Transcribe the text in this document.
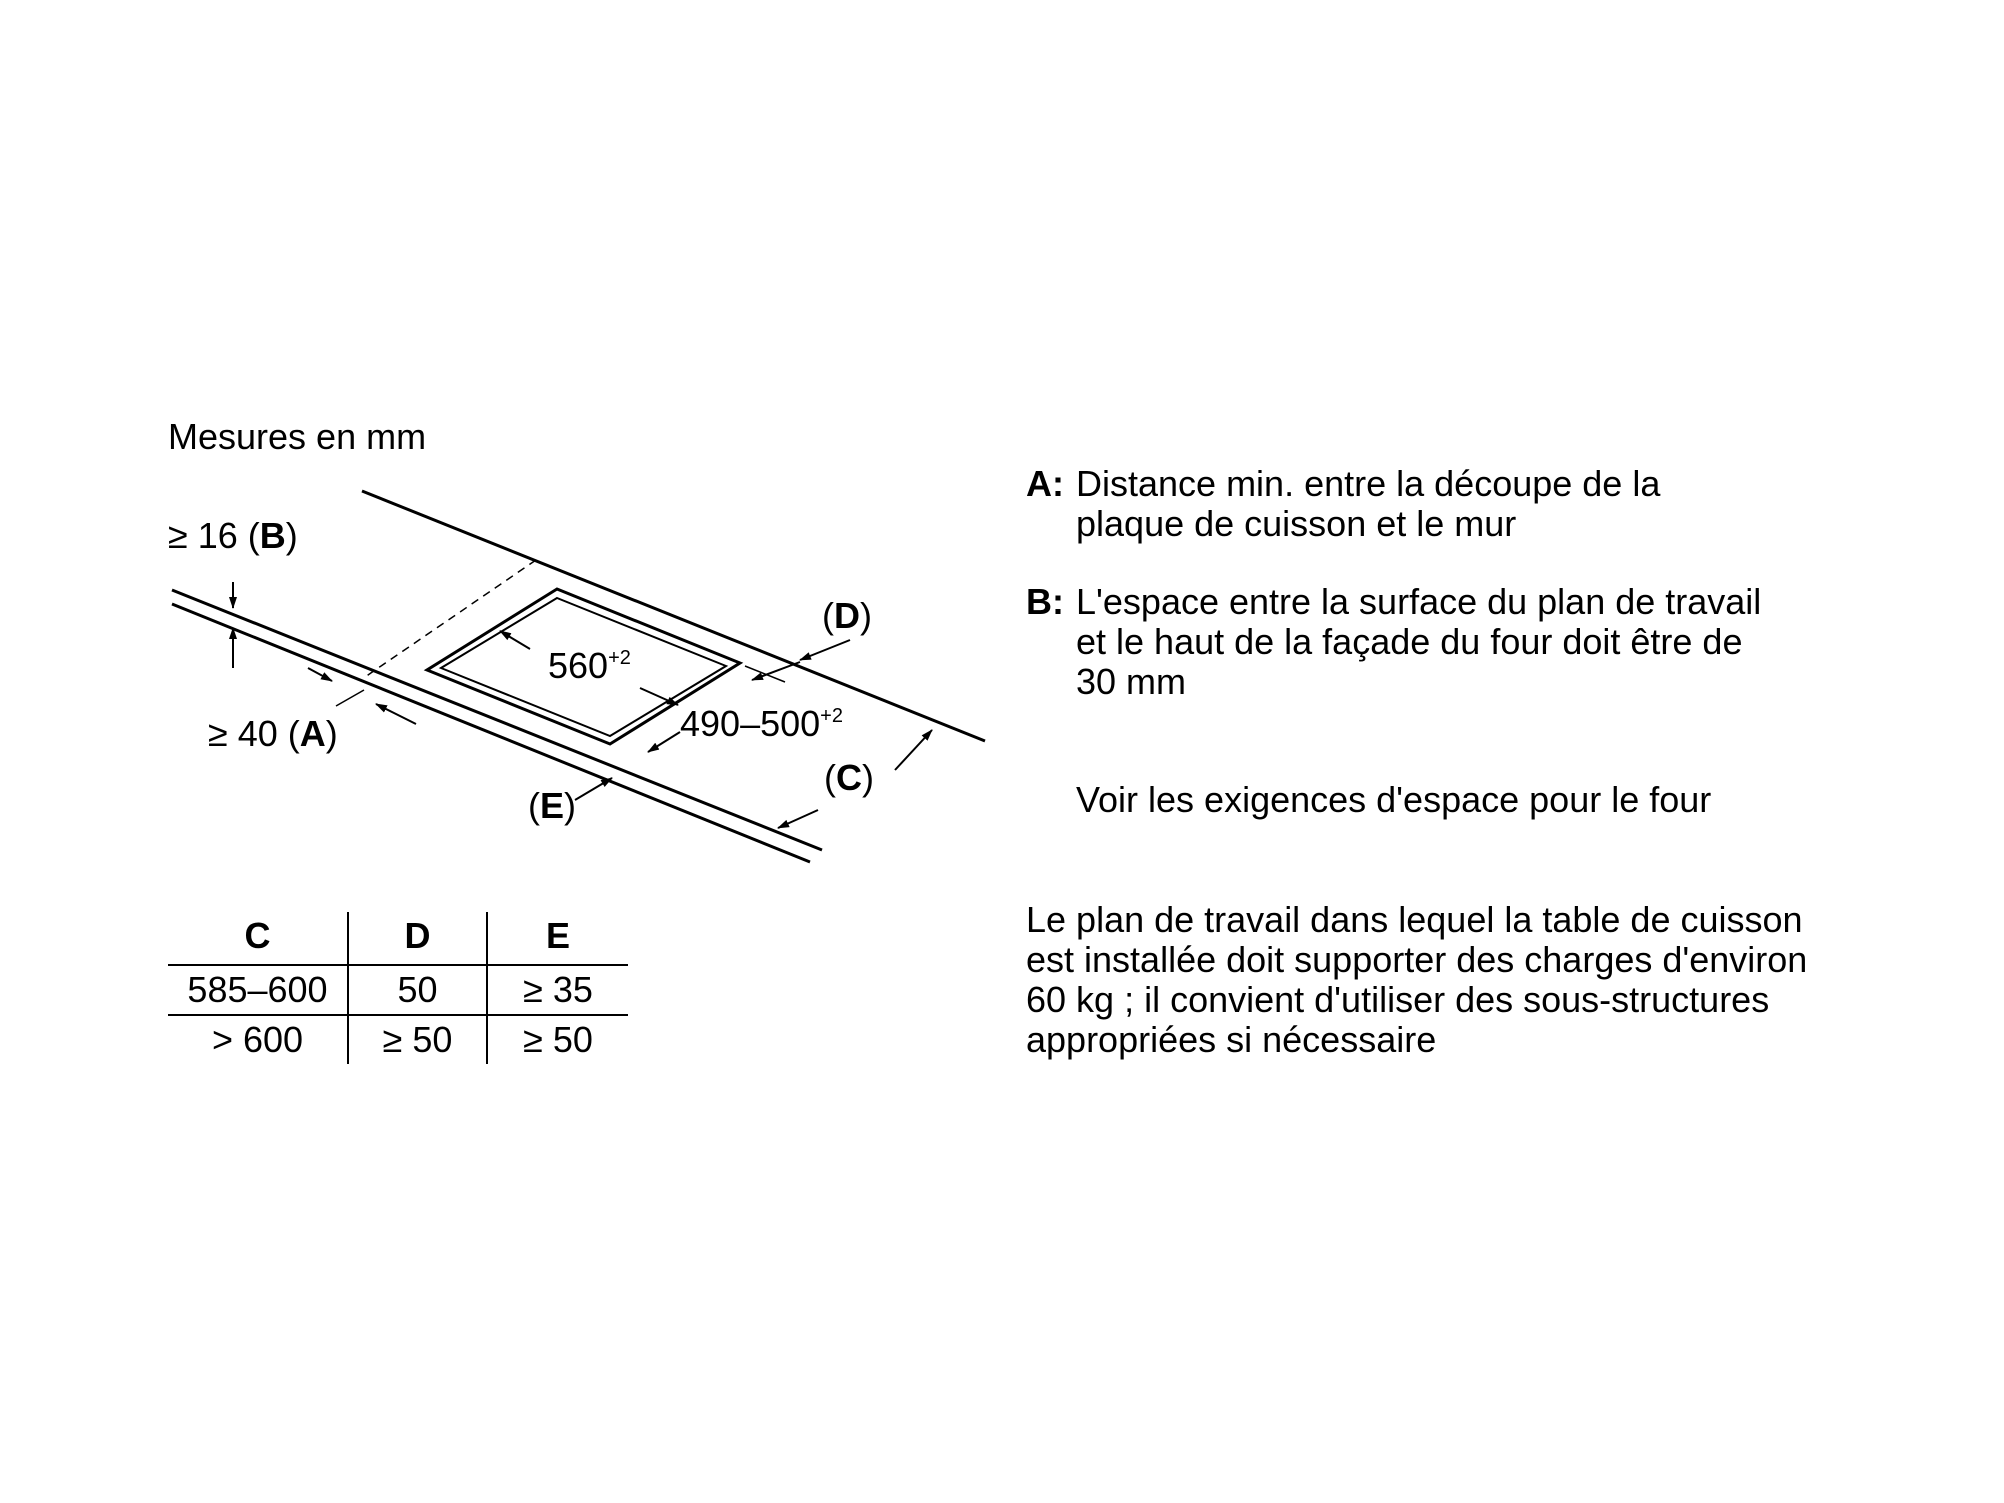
Mesures en mm
≥ 16 (B)
≥ 40 (A)
(D)
(C)
(E)
$560^{+2}$
$490-500^{+2}$
C	D	E
585–600	50	≥ 35
> 600	≥ 50	≥ 50
A: Distance min. entre la découpe de la plaque de cuisson et le mur
B: L'espace entre la surface du plan de travail et le haut de la façade du four doit être de 30 mm
Voir les exigences d'espace pour le four
Le plan de travail dans lequel la table de cuisson est installée doit supporter des charges d'environ 60 kg ; il convient d'utiliser des sous-structures appropriées si nécessaire
